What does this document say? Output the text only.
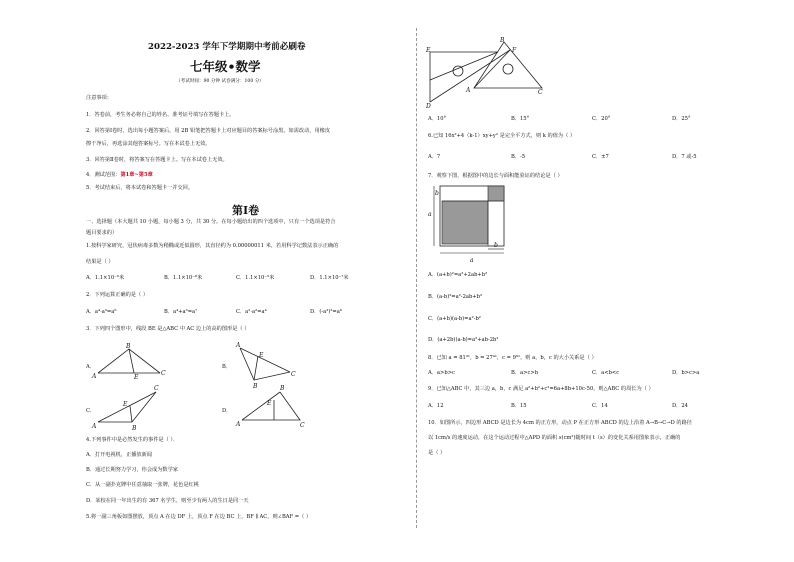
2022-2023 学年下学期期中考前必刷卷
七年级•数学
（考试时间：90 分钟 试卷满分：100 分）
注意事项：
1．答卷前，考生务必将自己的姓名、准考证号填写在答题卡上。
2．回答第Ⅰ卷时，选出每小题答案后，用 2B 铅笔把答题卡上对应题目的答案标号涂黑。如需改动，用橡皮
擦干净后，再选涂其他答案标号。写在本试卷上无效。
3．回答第Ⅱ卷时，将答案写在答题卡上。写在本试卷上无效。
4．测试范围：第1章~第5章
5．考试结束后，将本试卷和答题卡一并交回。
第Ⅰ卷
一、选择题（本大题共 10 小题，每小题 3 分，共 30 分。在每小题给出的四个选项中，只有一个选项是符合
题目要求的）
1.按科学家研究，冠状病毒多数为稍椭或近似圆形，其直径约为 0.00000011 米，若用科学记数法表示正确的
结果是（ ）
A．1.1×10⁻⁶米	B．1.1×10⁻⁸米	C．1.1×10⁻⁵米	D．1.1×10⁻⁷米
2．下列运算正确的是（ ）
A．a⁴·a³=a⁶	B．a⁴+a³=a⁷	C．a²·a²=a⁴	D．(-a²)³=a⁶
3．下列四个图形中，线段 BE 是△ABC 中 AC 边上的高的图形是（ ）
A．
B
A	E
C
B．
A
E
B
C
C．
C
E
A	B
D．
B
A
E
C
4.下列事件中是必然发生的事件是（ ）．
A．打开电视机，正播放新闻
B．通过长期努力学习，你会成为数学家
C．从一副扑克牌中任意抽取一张牌，花色是红桃
D．某校在同一年出生的有 367 名学生，则至少有两人的生日是同一天
5.将一副三角板如图摆放，顶点 A 在边 DF 上，顶点 F 在边 BC 上，BF ∥ AC，则∠BAF =（ ）
E
B
F
A	C
D
A．10°	B．15°	C．20°	D．25°
6.已知 16x²+4（k-1）xy+y² 是完全平方式，则 k 的值为（ ）
A．7	B．-5	C．±7	D．7 或-5
7．观察下图，根据图中的边长与面积能验证的结论是（ ）
a
b
b
a
A．(a+b)²=a²+2ab+b²
B．(a-b)²=a²-2ab+b²
C．(a+b)(a-b)=a²-b²
D．(a+2b)(a-b)=a²+ab-2b²
8．已知 a = 81³¹，b = 27⁴¹，c = 9⁶¹，则 a，b，c 的大小关系是（ ）
A．a>b>c	B．a>c>b	C．a<b<c	D．b>c>a
9．已知△ABC 中，其三边 a，b，c 满足 a²+b²+c²=6a+8b+10c-50，则△ABC 的周长为（ ）
A．12	B．15	C．14	D．24
10．如图所示，四边形 ABCD 是边长为 4cm 的正方形，动点 P 在正方形 ABCD 的边上沿着 A→B→C→D 的路径
以 1cm/s 的速度运动，在这个运动过程中△APD 的面积 s(cm²)随时间 t（s）的变化关系用图象表示，正确的
是（ ）
